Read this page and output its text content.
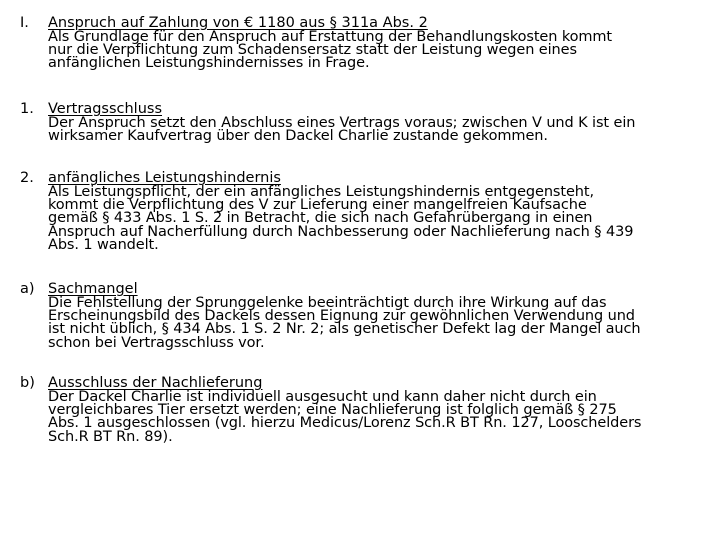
I.	Anspruch auf Zahlung von € 1180 aus § 311a Abs. 2
Als Grundlage für den Anspruch auf Erstattung der Behandlungskosten kommt
nur die Verpflichtung zum Schadensersatz statt der Leistung wegen eines
anfänglichen Leistungshindernisses in Frage.
1. Vertragsschluss
Der Anspruch setzt den Abschluss eines Vertrags voraus; zwischen V und K ist ein
wirksamer Kaufvertrag über den Dackel Charlie zustande gekommen.
2. anfängliches Leistungshindernis
Als Leistungspflicht, der ein anfängliches Leistungshindernis entgegensteht,
kommt die Verpflichtung des V zur Lieferung einer mangelfreien Kaufsache
gemäß § 433 Abs. 1 S. 2 in Betracht, die sich nach Gefahrübergang in einen
Anspruch auf Nacherfüllung durch Nachbesserung oder Nachlieferung nach § 439
Abs. 1 wandelt.
a) Sachmangel
Die Fehlstellung der Sprunggelenke beeinträchtigt durch ihre Wirkung auf das
Erscheinungsbild des Dackels dessen Eignung zur gewöhnlichen Verwendung und
ist nicht üblich, § 434 Abs. 1 S. 2 Nr. 2; als genetischer Defekt lag der Mangel auch
schon bei Vertragsschluss vor.
b) Ausschluss der Nachlieferung
Der Dackel Charlie ist individuell ausgesucht und kann daher nicht durch ein
vergleichbares Tier ersetzt werden; eine Nachlieferung ist folglich gemäß § 275
Abs. 1 ausgeschlossen (vgl. hierzu Medicus/Lorenz Sch.R BT Rn. 127, Looschelders
Sch.R BT Rn. 89).
